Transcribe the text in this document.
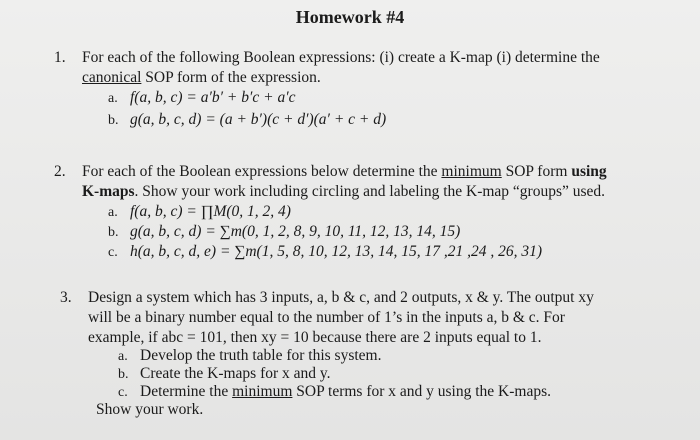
Homework #4
1. For each of the following Boolean expressions: (i) create a K-map (i) determine the
canonical SOP form of the expression.
a. f(a, b, c) = a′b′ + b′c + a′c
b. g(a, b, c, d) = (a + b′)(c + d′)(a′ + c + d)
2. For each of the Boolean expressions below determine the minimum SOP form using
K-maps. Show your work including circling and labeling the K-map “groups” used.
a. f(a, b, c) = ∏M(0, 1, 2, 4)
b. g(a, b, c, d) = ∑m(0, 1, 2, 8, 9, 10, 11, 12, 13, 14, 15)
c. h(a, b, c, d, e) = ∑m(1, 5, 8, 10, 12, 13, 14, 15, 17 ,21 ,24 , 26, 31)
3. Design a system which has 3 inputs, a, b & c, and 2 outputs, x & y. The output xy
will be a binary number equal to the number of 1’s in the inputs a, b & c. For
example, if abc = 101, then xy = 10 because there are 2 inputs equal to 1.
a. Develop the truth table for this system.
b. Create the K-maps for x and y.
c. Determine the minimum SOP terms for x and y using the K-maps.
Show your work.
